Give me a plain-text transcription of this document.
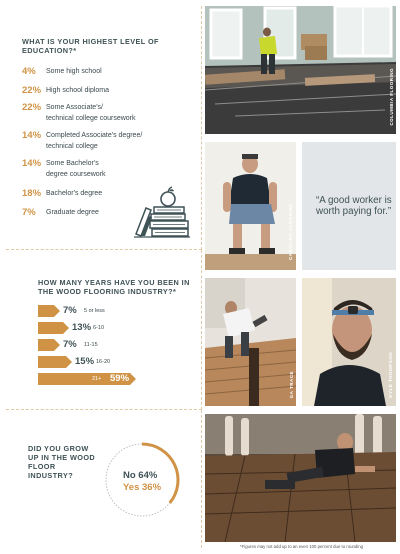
WHAT IS YOUR HIGHEST LEVEL OF EDUCATION?*
4%	Some high school
22% High school diploma
22% Some Associate's/
technical college coursework
14% Completed Associate's degree/
technical college
14% Some Bachelor's
degree coursework
18% Bachelor's degree
7%	Graduate degree
COLUMBIA FLOORING
CAROLINA FLOORING
“A good worker is worth paying for.”
HOW MANY YEARS HAVE YOU BEEN IN THE WOOD FLOORING INDUSTRY?*
7% 5 or less
13% 6-10
7% 11-15
15% 16-20
21+ 59%	GA TRACE	KYLE THOMPSON
DID YOU GROW UP IN THE WOOD FLOOR INDUSTRY?	No 64%
Yes 36%
*Figures may not add up to an even 100 percent due to rounding
